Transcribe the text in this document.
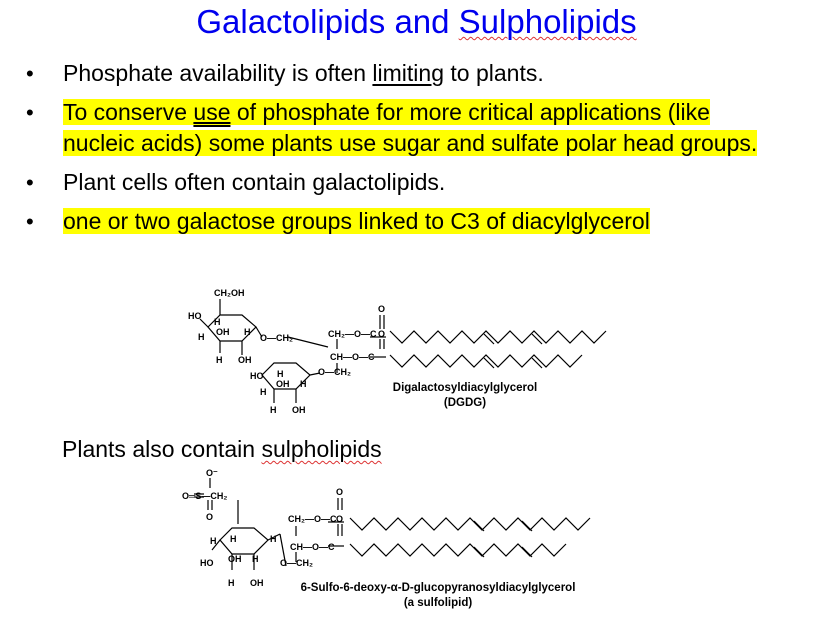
Galactolipids and Sulpholipids
• Phosphate availability is often limiting to plants.
• To conserve use of phosphate for more critical applications (like nucleic acids) some plants use sugar and sulfate polar head groups.
• Plant cells often contain galactolipids.
• one or two galactose groups linked to C3 of diacylglycerol
CH₂OH
HO
H
OH
H	H
O—CH₂
H OH
HO H
OH
H
H
H OH
O—CH₂
CH₂—O—C
CH—O—C
O
O
Digalactosyldiacylglycerol
(DGDG)
Plants also contain sulpholipids
O⁻
O═S—CH₂
O
H H
OH H
HO
H OH
H
O—CH₂
CH₂—O—C
CH—O—C
O
O
6-Sulfo-6-deoxy-α-D-glucopyranosyldiacylglycerol
(a sulfolipid)
